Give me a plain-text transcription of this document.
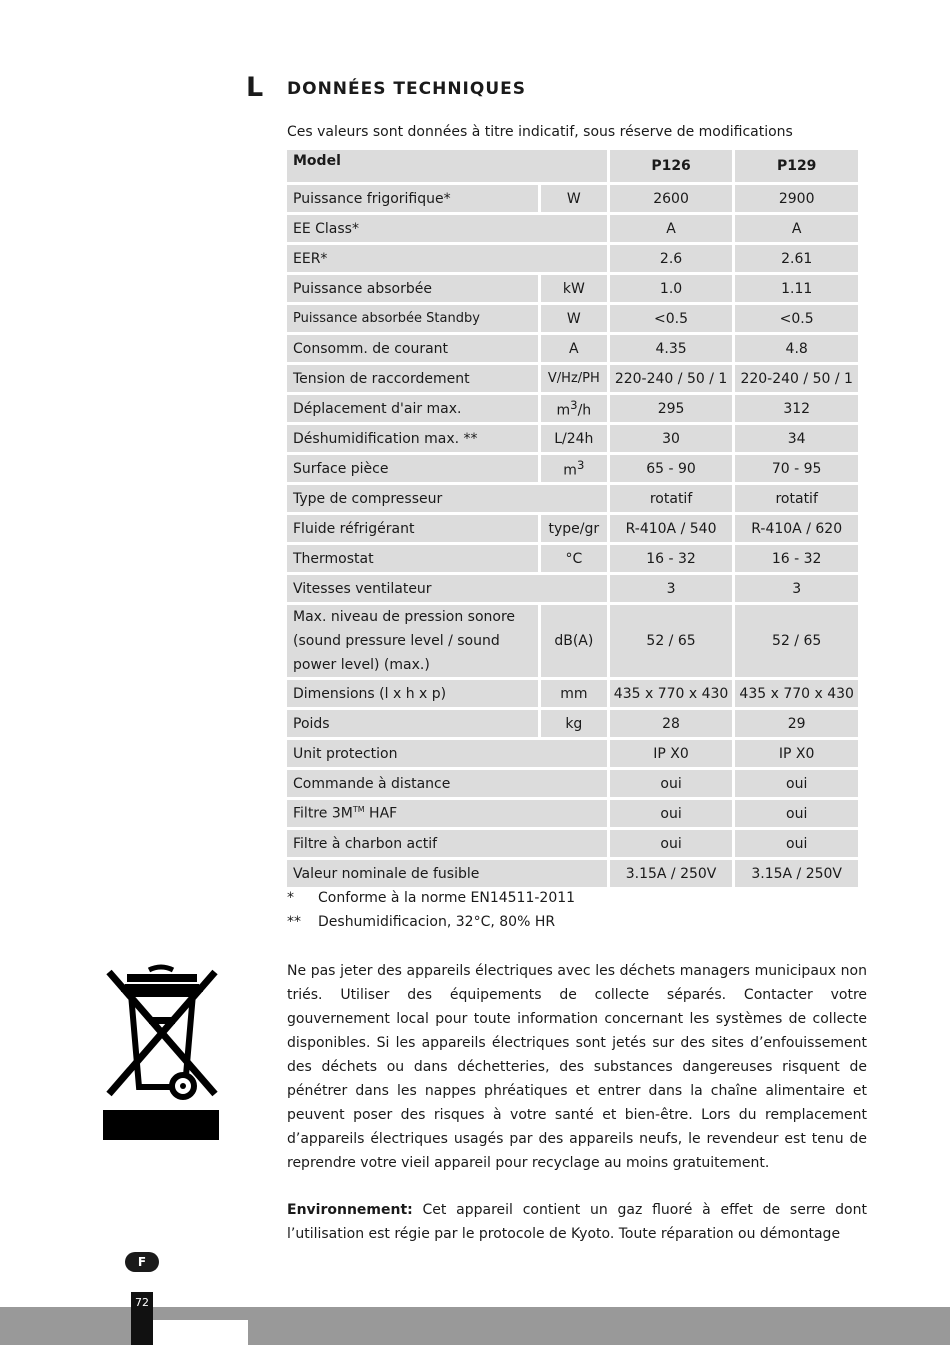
L DONNÉES TECHNIQUES
Ces valeurs sont données à titre indicatif, sous réserve de modifications
Model		P126	P129
Puissance frigorifique*	W	2600	2900
EE Class*		A	A
EER*		2.6	2.61
Puissance absorbée	kW	1.0	1.11
Puissance absorbée Standby	W	<0.5	<0.5
Consomm. de courant	A	4.35	4.8
Tension de raccordement	V/Hz/PH	220-240 / 50 / 1	220-240 / 50 / 1
Déplacement d'air max.	$m^3/h$	295	312
Déshumidification max. **	L/24h	30	34
Surface pièce	$m^3$	65 - 90	70 - 95
Type de compresseur		rotatif	rotatif
Fluide réfrigérant	type/gr	R-410A / 540	R-410A / 620
Thermostat	°C	16 - 32	16 - 32
Vitesses ventilateur		3	3
Max. niveau de pression sonore (sound pressure level / sound power level) (max.)	dB(A)	52 / 65	52 / 65
Dimensions (l x h x p)	mm	435 x 770 x 430	435 x 770 x 430
Poids	kg	28	29
Unit protection		IP X0	IP X0
Commande à distance		oui	oui
Filtre 3M™ HAF		oui	oui
Filtre à charbon actif		oui	oui
Valeur nominale de fusible		3.15A / 250V	3.15A / 250V
* Conforme à la norme EN14511-2011
** Deshumidificacion, 32°C, 80% HR
Ne pas jeter des appareils électriques avec les déchets managers municipaux non triés. Utiliser des équipements de collecte séparés. Contacter votre gouvernement local pour toute information concernant les systèmes de collecte disponibles. Si les appareils électriques sont jetés sur des sites d’enfouissement des déchets ou dans déchetteries, des substances dangereuses risquent de pénétrer dans les nappes phréatiques et entrer dans la chaîne alimentaire et peuvent poser des risques à votre santé et bien-être. Lors du remplacement d’appareils électriques usagés par des appareils neufs, le revendeur est tenu de reprendre votre vieil appareil pour recyclage au moins gratuitement.
Environnement: Cet appareil contient un gaz fluoré à effet de serre dont l’utilisation est régie par le protocole de Kyoto. Toute réparation ou démontage
F
72
